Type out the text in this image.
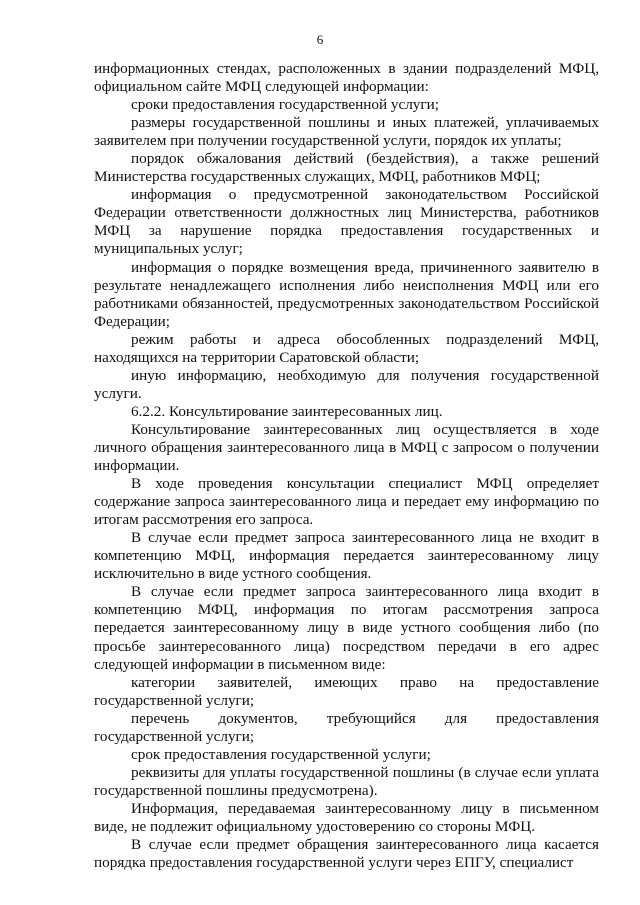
6

информационных стендах, расположенных в здании подразделений МФЦ, официальном сайте МФЦ следующей информации:

сроки предоставления государственной услуги;

размеры государственной пошлины и иных платежей, уплачиваемых заявителем при получении государственной услуги, порядок их уплаты;

порядок обжалования действий (бездействия), а также решений Министерства государственных служащих, МФЦ, работников МФЦ;

информация о предусмотренной законодательством Российской Федерации ответственности должностных лиц Министерства, работников МФЦ за нарушение порядка предоставления государственных и муниципальных услуг;

информация о порядке возмещения вреда, причиненного заявителю в результате ненадлежащего исполнения либо неисполнения МФЦ или его работниками обязанностей, предусмотренных законодательством Российской Федерации;

режим работы и адреса обособленных подразделений МФЦ, находящихся на территории Саратовской области;

иную информацию, необходимую для получения государственной услуги.

6.2.2. Консультирование заинтересованных лиц.

Консультирование заинтересованных лиц осуществляется в ходе личного обращения заинтересованного лица в МФЦ с запросом о получении информации.

В ходе проведения консультации специалист МФЦ определяет содержание запроса заинтересованного лица и передает ему информацию по итогам рассмотрения его запроса.

В случае если предмет запроса заинтересованного лица не входит в компетенцию МФЦ, информация передается заинтересованному лицу исключительно в виде устного сообщения.

В случае если предмет запроса заинтересованного лица входит в компетенцию МФЦ, информация по итогам рассмотрения запроса передается заинтересованному лицу в виде устного сообщения либо (по просьбе заинтересованного лица) посредством передачи в его адрес следующей информации в письменном виде:

категории заявителей, имеющих право на предоставление государственной услуги;

перечень документов, требующийся для предоставления государственной услуги;

срок предоставления государственной услуги;

реквизиты для уплаты государственной пошлины (в случае если уплата государственной пошлины предусмотрена).

Информация, передаваемая заинтересованному лицу в письменном виде, не подлежит официальному удостоверению со стороны МФЦ.

В случае если предмет обращения заинтересованного лица касается порядка предоставления государственной услуги через ЕПГУ, специалист
